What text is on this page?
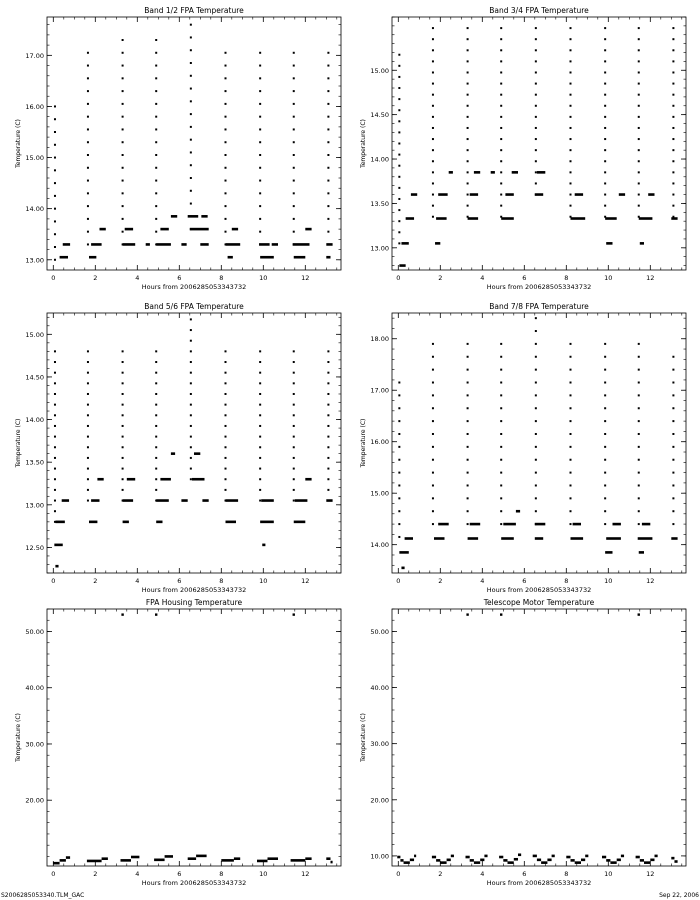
Band 1/2 FPA Temperature
0	2	4	6	8	10	12
13.00
14.00
15.00
16.00
17.00
Hours from 2006285053343732
Temperature (C)
Band 3/4 FPA Temperature
0	2	4	6	8	10	12
13.00
13.50
14.00
14.50
15.00
Hours from 2006285053343732
Temperature (C)
Band 5/6 FPA Temperature
0	2	4	6	8	10	12
12.50
13.00
13.50
14.00
14.50
15.00
Hours from 2006285053343732
Temperature (C)
Band 7/8 FPA Temperature
0	2	4	6	8	10	12
14.00
15.00
16.00
17.00
18.00
Hours from 2006285053343732
Temperature (C)
FPA Housing Temperature
0	2	4	6	8	10	12
20.00
30.00
40.00
50.00
Hours from 2006285053343732
Temperature (C)
Telescope Motor Temperature
0	2	4	6	8	10	12
10.00
20.00
30.00
40.00
50.00
Hours from 2006285053343732
Temperature (C)
S2006285053340.TLM_GAC	Sep 22, 2006
